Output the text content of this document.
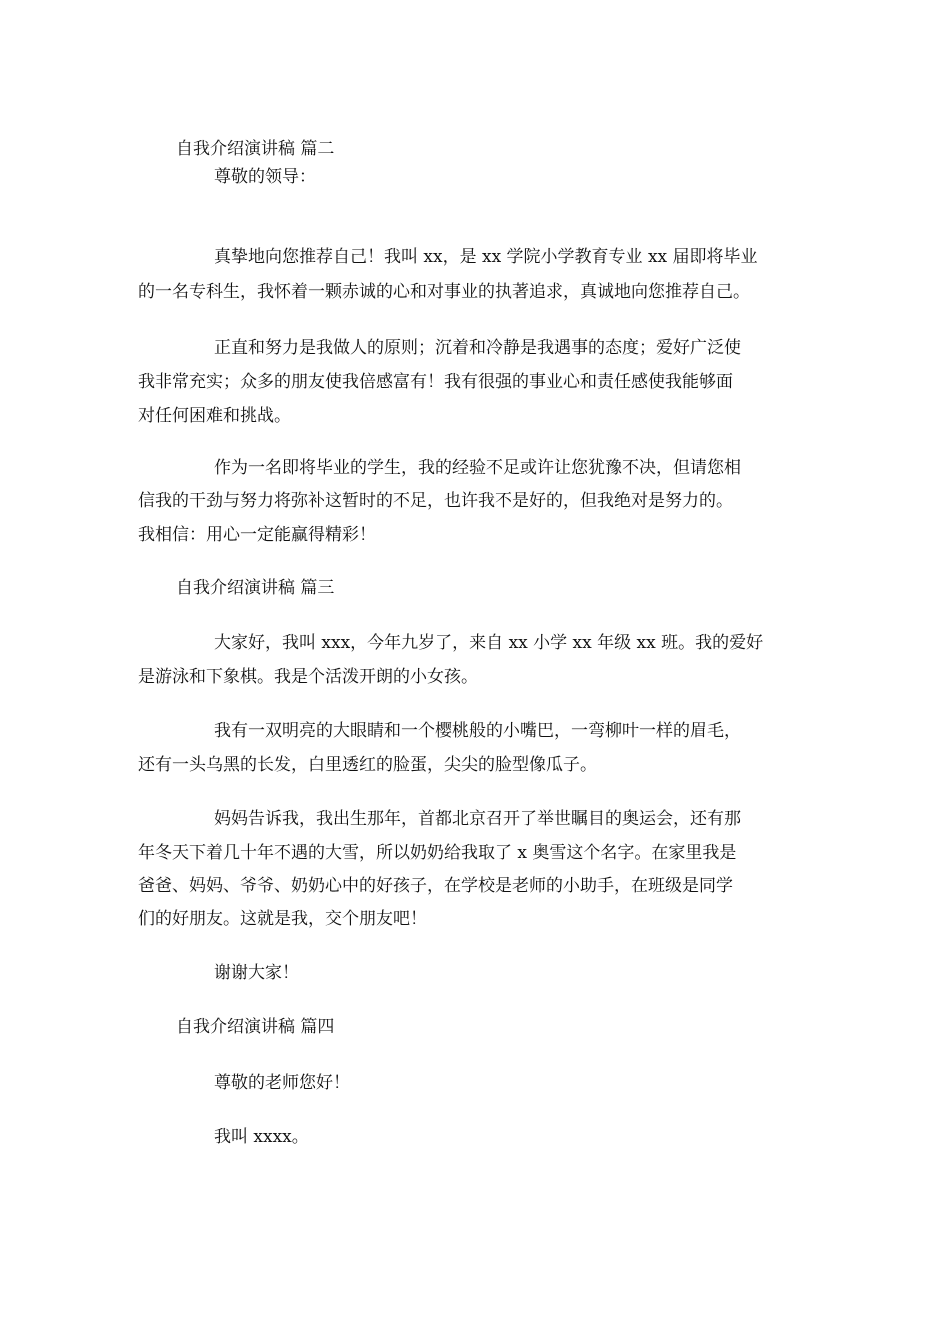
自我介绍演讲稿 篇二

尊敬的领导：

真挚地向您推荐自己！我叫 xx，是 xx 学院小学教育专业 xx 届即将毕业

的一名专科生，我怀着一颗赤诚的心和对事业的执著追求，真诚地向您推荐自己。

正直和努力是我做人的原则；沉着和冷静是我遇事的态度；爱好广泛使

我非常充实；众多的朋友使我倍感富有！我有很强的事业心和责任感使我能够面

对任何困难和挑战。

作为一名即将毕业的学生，我的经验不足或许让您犹豫不决，但请您相

信我的干劲与努力将弥补这暂时的不足，也许我不是好的，但我绝对是努力的。

我相信：用心一定能赢得精彩！

自我介绍演讲稿 篇三

大家好，我叫 xxx，今年九岁了，来自 xx 小学 xx 年级 xx 班。我的爱好

是游泳和下象棋。我是个活泼开朗的小女孩。

我有一双明亮的大眼睛和一个樱桃般的小嘴巴，一弯柳叶一样的眉毛，

还有一头乌黑的长发，白里透红的脸蛋，尖尖的脸型像瓜子。

妈妈告诉我，我出生那年，首都北京召开了举世瞩目的奥运会，还有那

年冬天下着几十年不遇的大雪，所以奶奶给我取了 x 奥雪这个名字。在家里我是

爸爸、妈妈、爷爷、奶奶心中的好孩子，在学校是老师的小助手，在班级是同学

们的好朋友。这就是我，交个朋友吧！

谢谢大家！

自我介绍演讲稿 篇四

尊敬的老师您好！

我叫 xxxx。
